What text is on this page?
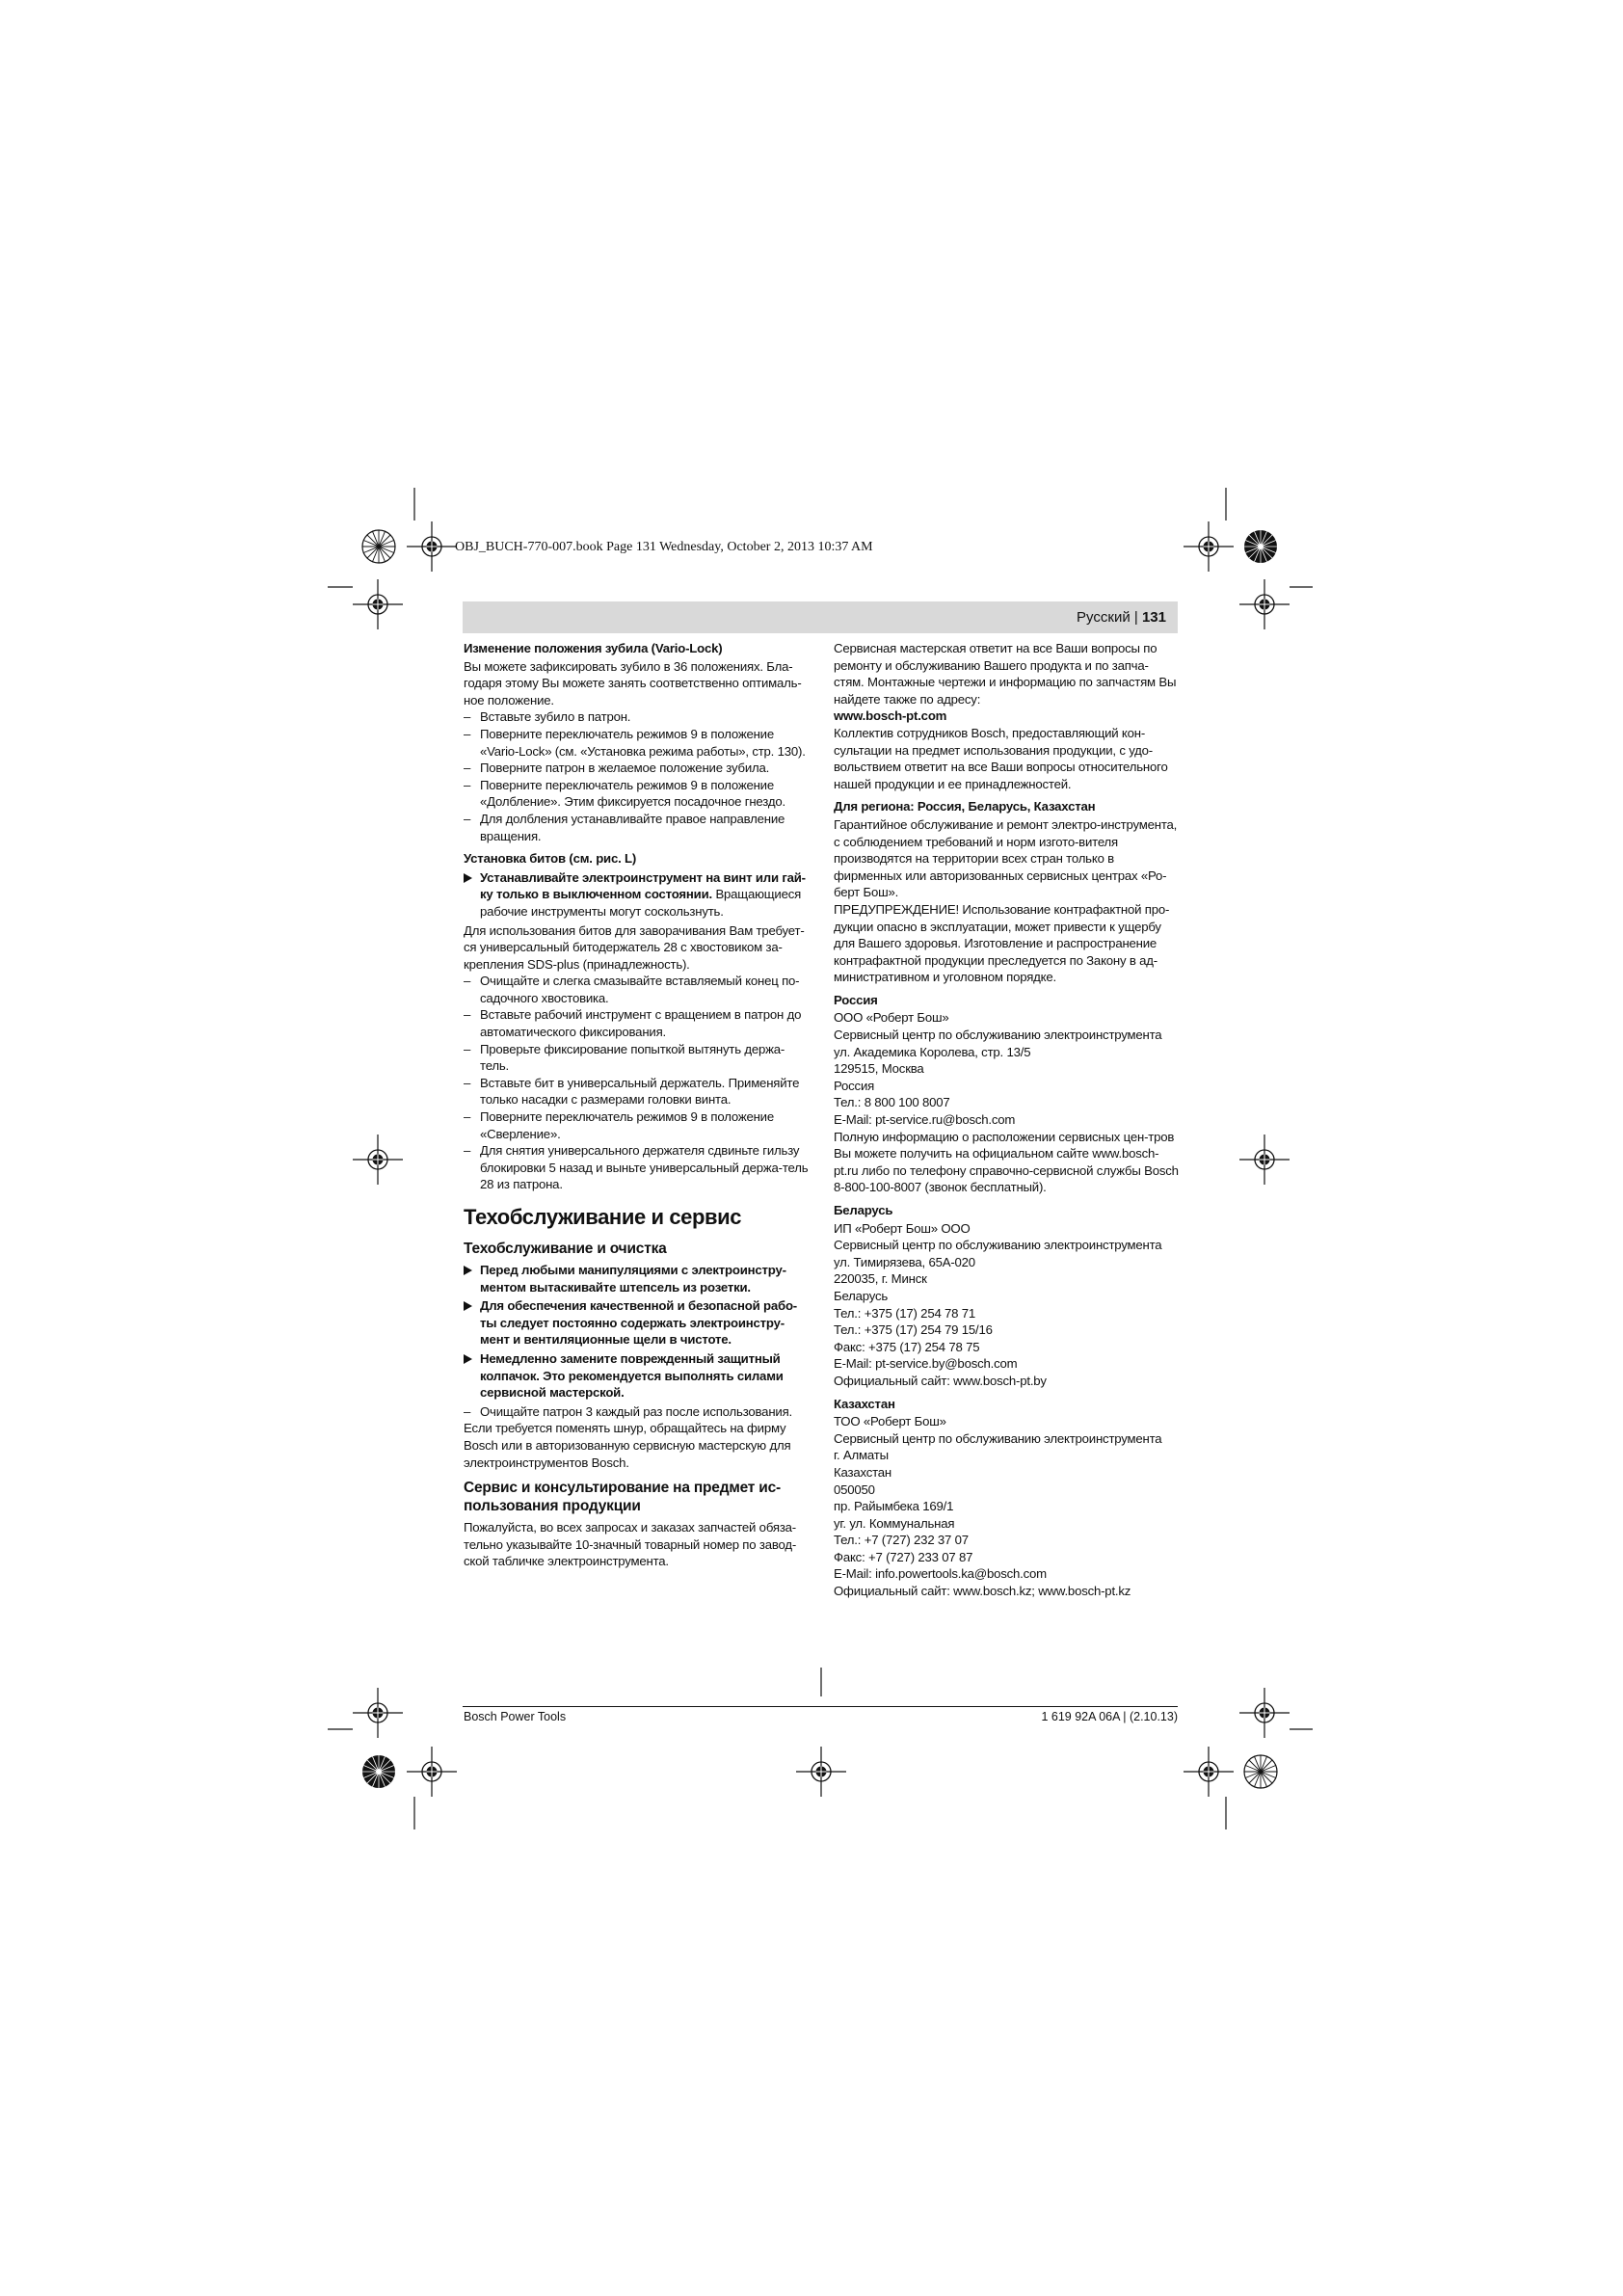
OBJ_BUCH-770-007.book Page 131 Wednesday, October 2, 2013 10:37 AM
Русский | 131
Изменение положения зубила (Vario-Lock)

Вы можете зафиксировать зубило в 36 положениях. Бла-годаря этому Вы можете занять соответственно оптималь-ное положение.

– Вставьте зубило в патрон.

– Поверните переключатель режимов 9 в положение «Vario-Lock» (см. «Установка режима работы», стр. 130).

– Поверните патрон в желаемое положение зубила.

– Поверните переключатель режимов 9 в положение «Долбление». Этим фиксируется посадочное гнездо.

– Для долбления устанавливайте правое направление вращения.

Установка битов (см. рис. L)
Устанавливайте электроинструмент на винт или гай-ку только в выключенном состоянии. Вращающиеся рабочие инструменты могут соскользнуть.

Для использования битов для заворачивания Вам требует-ся универсальный битодержатель 28 с хвостовиком за-крепления SDS-plus (принадлежность).

– Очищайте и слегка смазывайте вставляемый конец по-садочного хвостовика.

– Вставьте рабочий инструмент с вращением в патрон до автоматического фиксирования.

– Проверьте фиксирование попыткой вытянуть держа-тель.

– Вставьте бит в универсальный держатель. Применяйте только насадки с размерами головки винта.

– Поверните переключатель режимов 9 в положение «Сверление».

– Для снятия универсального держателя сдвиньте гильзу блокировки 5 назад и выньте универсальный держа-тель 28 из патрона.

Техобслуживание и сервис
Техобслуживание и очистка
Перед любыми манипуляциями с электроинстру-ментом вытаскивайте штепсель из розетки.
Для обеспечения качественной и безопасной рабо-ты следует постоянно содержать электроинстру-мент и вентиляционные щели в чистоте.
Немедленно замените поврежденный защитный колпачок. Это рекомендуется выполнять силами сервисной мастерской.

– Очищайте патрон 3 каждый раз после использования.

Если требуется поменять шнур, обращайтесь на фирму Bosch или в авторизованную сервисную мастерскую для электроинструментов Bosch.

Сервис и консультирование на предмет ис-пользования продукции

Пожалуйста, во всех запросах и заказах запчастей обяза-тельно указывайте 10-значный товарный номер по завод-ской табличке электроинструмента.

Сервисная мастерская ответит на все Ваши вопросы по ремонту и обслуживанию Вашего продукта и по запча-стям. Монтажные чертежи и информацию по запчастям Вы найдете также по адресу:

www.bosch-pt.com

Коллектив сотрудников Bosch, предоставляющий кон-сультации на предмет использования продукции, с удо-вольствием ответит на все Ваши вопросы относительного нашей продукции и ее принадлежностей.

Для региона: Россия, Беларусь, Казахстан

Гарантийное обслуживание и ремонт электро-инструмента, с соблюдением требований и норм изгото-вителя производятся на территории всех стран только в фирменных или авторизованных сервисных центрах «Ро-берт Бош».

ПРЕДУПРЕЖДЕНИЕ! Использование контрафактной про-дукции опасно в эксплуатации, может привести к ущербу для Вашего здоровья. Изготовление и распространение контрафактной продукции преследуется по Закону в ад-министративном и уголовном порядке.

Россия

ООО «Роберт Бош»

Сервисный центр по обслуживанию электроинструмента

ул. Академика Королева, стр. 13/5

129515, Москва

Россия

Тел.: 8 800 100 8007

E-Mail: pt-service.ru@bosch.com

Полную информацию о расположении сервисных цен-тров Вы можете получить на официальном сайте www.bosch-pt.ru либо по телефону справочно-сервисной службы Bosch 8-800-100-8007 (звонок бесплатный).

Беларусь

ИП «Роберт Бош» ООО

Сервисный центр по обслуживанию электроинструмента

ул. Тимирязева, 65А-020

220035, г. Минск

Беларусь

Тел.: +375 (17) 254 78 71

Тел.: +375 (17) 254 79 15/16

Факс: +375 (17) 254 78 75

E-Mail: pt-service.by@bosch.com

Официальный сайт: www.bosch-pt.by

Казахстан

ТОО «Роберт Бош»

Сервисный центр по обслуживанию электроинструмента

г. Алматы

Казахстан

050050

пр. Райымбека 169/1

уг. ул. Коммунальная

Тел.: +7 (727) 232 37 07

Факс: +7 (727) 233 07 87

E-Mail: info.powertools.ka@bosch.com

Официальный сайт: www.bosch.kz; www.bosch-pt.kz

Bosch Power Tools	1 619 92A 06A | (2.10.13)
